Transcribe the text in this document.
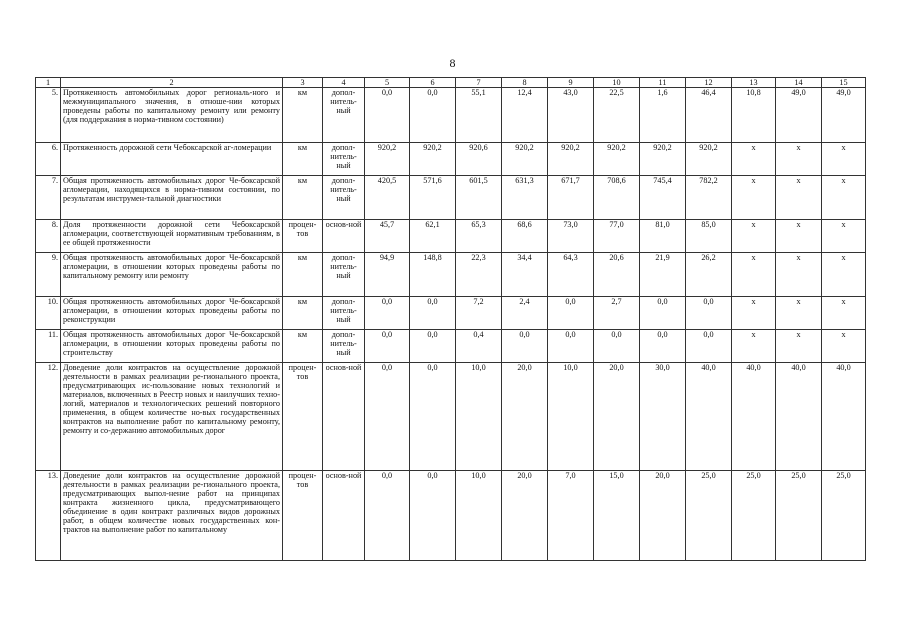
8
1	2	3	4	5	6	7	8	9	10	11	12	13	14	15
5.	Протяженность автомобильных дорог региональ-ного и межмуниципального значения, в отноше-нии которых проведены работы по капитальному ремонту или ремонту (для поддержания в норма-тивном состоянии)	км	допол-нитель-ный	0,0	0,0	55,1	12,4	43,0	22,5	1,6	46,4	10,8	49,0	49,0
6.	Протяженность дорожной сети Чебоксарской аг-ломерации	км	допол-нитель-ный	920,2	920,2	920,6	920,2	920,2	920,2	920,2	920,2	x	x	x
7.	Общая протяженность автомобильных дорог Че-боксарской агломерации, находящихся в норма-тивном состоянии, по результатам инструмен-тальной диагностики	км	допол-нитель-ный	420,5	571,6	601,5	631,3	671,7	708,6	745,4	782,2	x	x	x
8.	Доля протяженности дорожной сети Чебоксарской агломерации, соответствующей нормативным требованиям, в ее общей протяженности	процен-тов	основ-ной	45,7	62,1	65,3	68,6	73,0	77,0	81,0	85,0	x	x	x
9.	Общая протяженность автомобильных дорог Че-боксарской агломерации, в отношении которых проведены работы по капитальному ремонту или ремонту	км	допол-нитель-ный	94,9	148,8	22,3	34,4	64,3	20,6	21,9	26,2	x	x	x
10.	Общая протяженность автомобильных дорог Че-боксарской агломерации, в отношении которых проведены работы по реконструкции	км	допол-нитель-ный	0,0	0,0	7,2	2,4	0,0	2,7	0,0	0,0	x	x	x
11.	Общая протяженность автомобильных дорог Че-боксарской агломерации, в отношении которых проведены работы по строительству	км	допол-нитель-ный	0,0	0,0	0,4	0,0	0,0	0,0	0,0	0,0	x	x	x
12.	Доведение доли контрактов на осуществление дорожной деятельности в рамках реализации ре-гионального проекта, предусматривающих ис-пользование новых технологий и материалов, включенных в Реестр новых и наилучших техно-логий, материалов и технологических решений повторного применения, в общем количестве но-вых государственных контрактов на выполнение работ по капитальному ремонту, ремонту и со-держанию автомобильных дорог	процен-тов	основ-ной	0,0	0,0	10,0	20,0	10,0	20,0	30,0	40,0	40,0	40,0	40,0
13.	Доведение доли контрактов на осуществление дорожной деятельности в рамках реализации ре-гионального проекта, предусматривающих выпол-нение работ на принципах контракта жизненного цикла, предусматривающего объединение в один контракт различных видов дорожных работ, в общем количестве новых государственных кон-трактов на выполнение работ по капитальному	процен-тов	основ-ной	0,0	0,0	10,0	20,0	7,0	15,0	20,0	25,0	25,0	25,0	25,0
